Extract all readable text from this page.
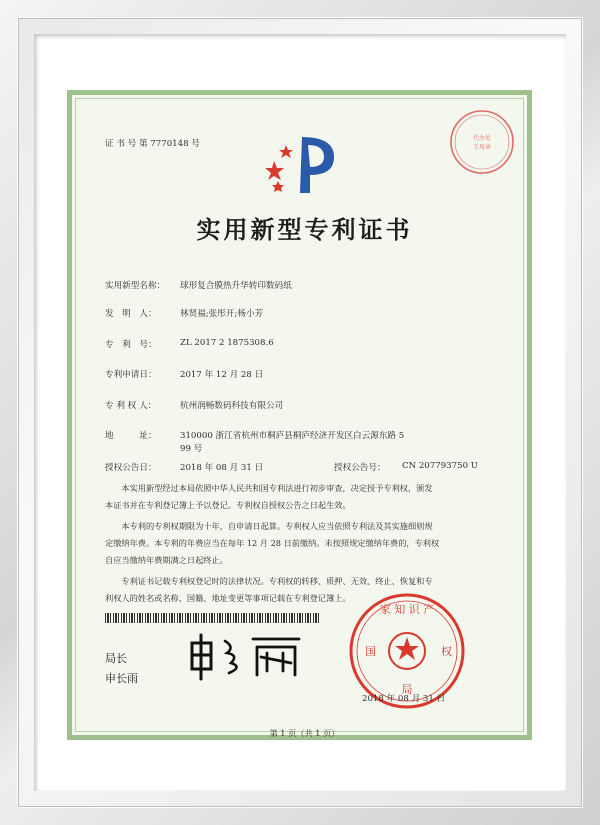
证 书 号 第 7770148 号
代办处
专用章
实用新型专利证书
实用新型名称： 球形复合膜热升华转印数码纸
发　明　人：	林贤福;张彤开;杨小芳
专　利　号：	ZL 2017 2 1875308.6
专利申请日：	2017 年 12 月 28 日
专 利 权 人：	杭州润畅数码科技有限公司
地　　　址：	310000 浙江省杭州市桐庐县桐庐经济开发区白云源东路 5
99 号
授权公告日：	2018 年 08 月 31 日	授权公告号： CN 207793750 U
本实用新型经过本局依照中华人民共和国专利法进行初步审查，决定授予专利权，颁发
本证书并在专利登记簿上予以登记。专利权自授权公告之日起生效。
本专利的专利权期限为十年，自申请日起算。专利权人应当依照专利法及其实施细则规
定缴纳年费。本专利的年费应当在每年 12 月 28 日前缴纳。未按照规定缴纳年费的，专利权
自应当缴纳年费期满之日起终止。
专利证书记载专利权登记时的法律状况。专利权的转移、质押、无效、终止、恢复和专
利权人的姓名或名称、国籍、地址变更等事项记载在专利登记簿上。
局长
申长雨
家 知 识 产
国	权
局
2018 年 08 月 31 日
第 1 页（共 1 页）
